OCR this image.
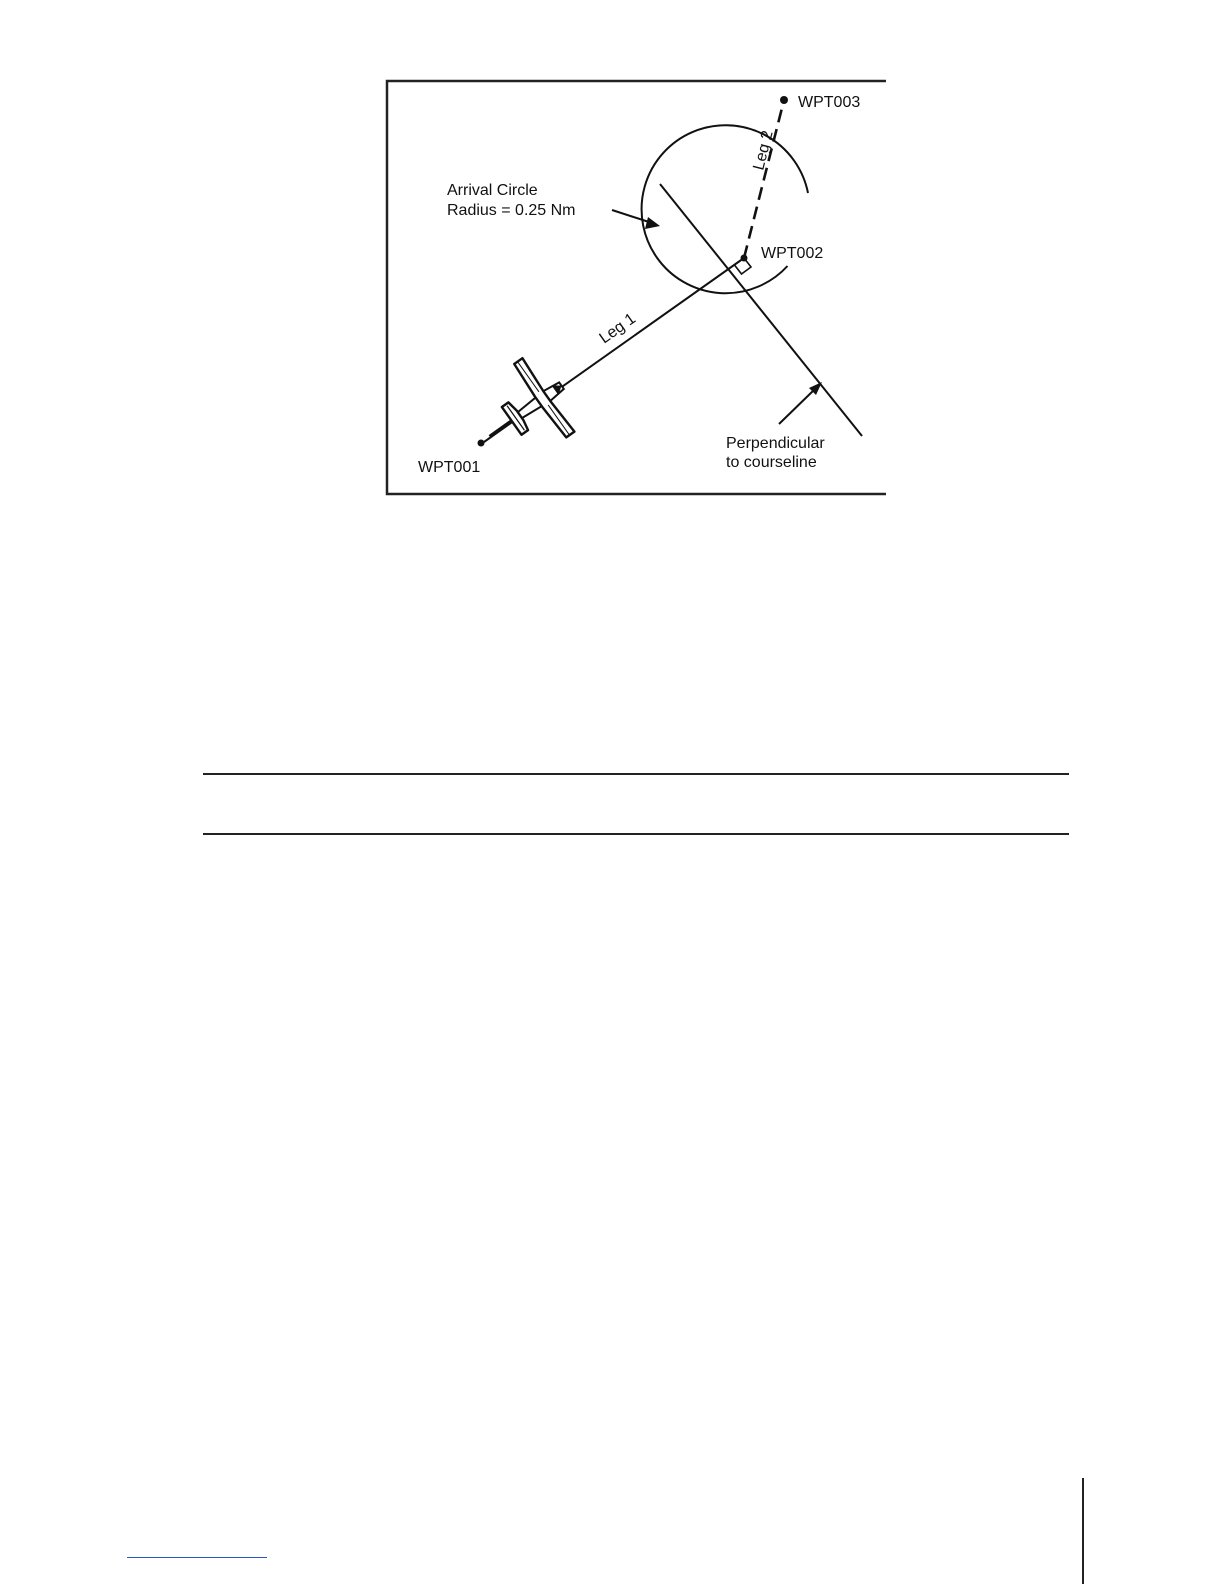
WPT003
WPT002
WPT001
Arrival Circle
Radius = 0.25 Nm
Perpendicular
to courseline
Leg 1
Leg 2
